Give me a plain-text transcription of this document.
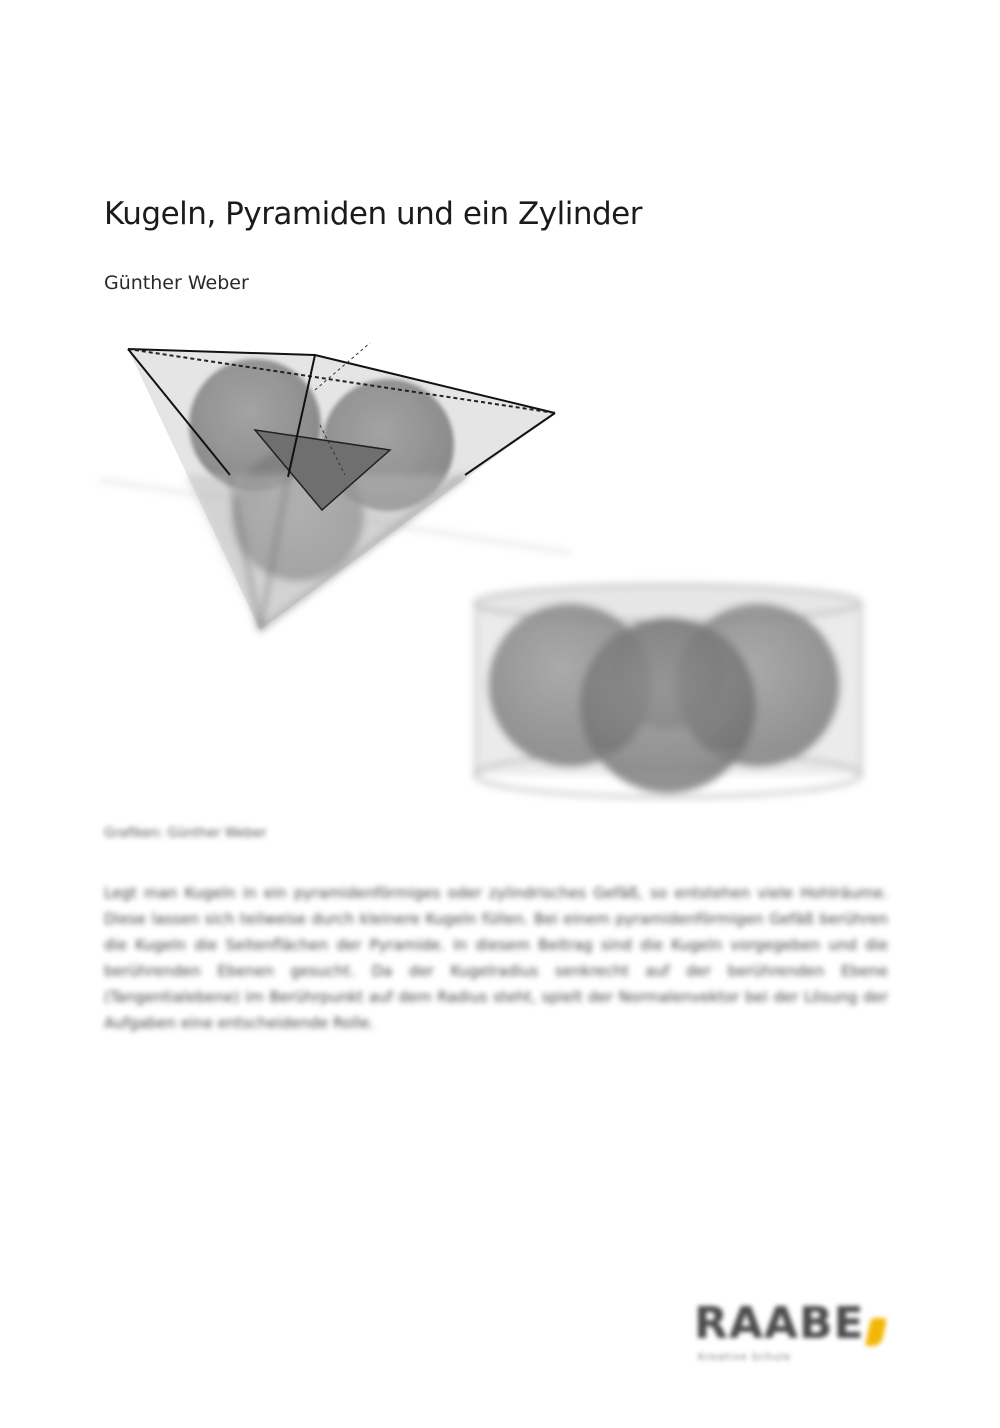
Kugeln, Pyramiden und ein Zylinder

Günther Weber

Grafiken: Günther Weber

Legt man Kugeln in ein pyramidenförmiges oder zylindrisches Gefäß, so entstehen viele Hohlräume. Diese lassen sich teilweise durch kleinere Kugeln füllen. Bei einem pyramidenförmigen Gefäß berühren die Kugeln die Seitenflächen der Pyramide. In diesem Beitrag sind die Kugeln vorgegeben und die berührenden Ebenen gesucht. Da der Kugelradius senkrecht auf der berührenden Ebene (Tangentialebene) im Berührpunkt auf dem Radius steht, spielt der Normalenvektor bei der Lösung der Aufgaben eine entscheidende Rolle.

RAABE
Kreative Schule
